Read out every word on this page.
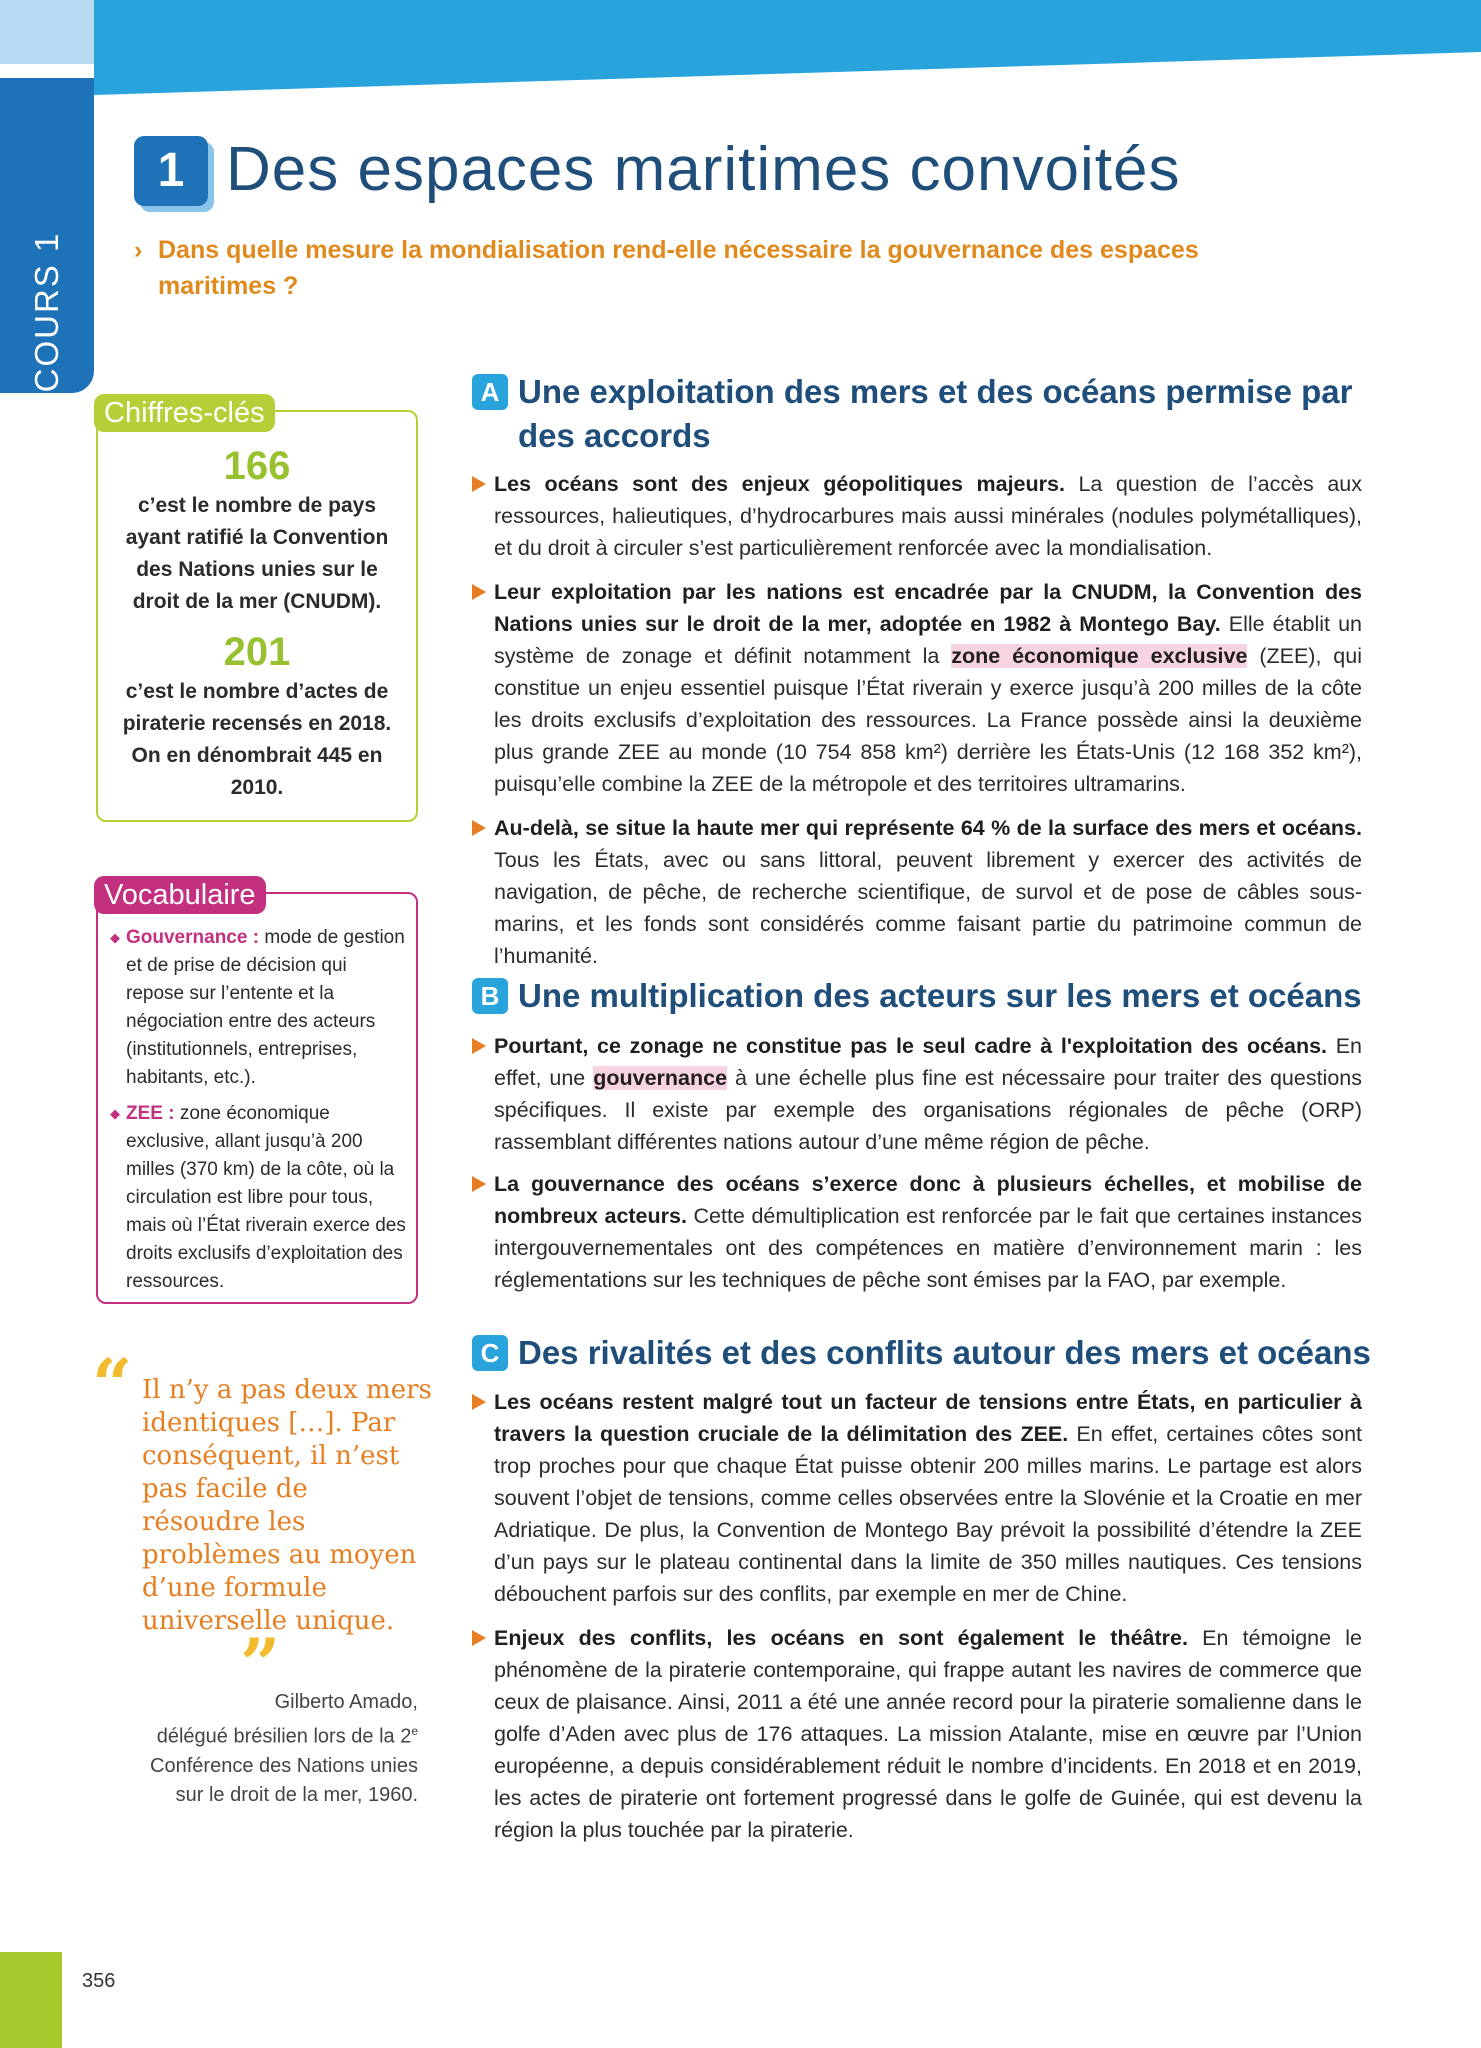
COURS 1
1 Des espaces maritimes convoités
› Dans quelle mesure la mondialisation rend-elle nécessaire la gouvernance des espaces maritimes ?
Chiffres-clés
166
c’est le nombre de pays ayant ratifié la Convention des Nations unies sur le droit de la mer (CNUDM).
201
c’est le nombre d’actes de piraterie recensés en 2018. On en dénombrait 445 en 2010.
Vocabulaire
◆ Gouvernance : mode de gestion et de prise de décision qui repose sur l’entente et la négociation entre des acteurs (institutionnels, entreprises, habitants, etc.).
◆ ZEE : zone économique exclusive, allant jusqu’à 200 milles (370 km) de la côte, où la circulation est libre pour tous, mais où l’État riverain exerce des droits exclusifs d’exploitation des ressources.
“ Il n’y a pas deux mers identiques […]. Par conséquent, il n’est pas facile de résoudre les problèmes au moyen d’une formule universelle unique.
”
Gilberto Amado,
délégué brésilien lors de la 2e Conférence des Nations unies sur le droit de la mer, 1960.
A Une exploitation des mers et des océans permise par des accords

Les océans sont des enjeux géopolitiques majeurs. La question de l’accès aux ressources, halieutiques, d’hydrocarbures mais aussi minérales (nodules polymétalliques), et du droit à circuler s’est particulièrement renforcée avec la mondialisation.

Leur exploitation par les nations est encadrée par la CNUDM, la Convention des Nations unies sur le droit de la mer, adoptée en 1982 à Montego Bay. Elle établit un système de zonage et définit notamment la zone économique exclusive (ZEE), qui constitue un enjeu essentiel puisque l’État riverain y exerce jusqu’à 200 milles de la côte les droits exclusifs d’exploitation des ressources. La France possède ainsi la deuxième plus grande ZEE au monde (10 754 858 km²) derrière les États-Unis (12 168 352 km²), puisqu’elle combine la ZEE de la métropole et des territoires ultramarins.

Au-delà, se situe la haute mer qui représente 64 % de la surface des mers et océans. Tous les États, avec ou sans littoral, peuvent librement y exercer des activités de navigation, de pêche, de recherche scientifique, de survol et de pose de câbles sous-marins, et les fonds sont considérés comme faisant partie du patrimoine commun de l’humanité.

B Une multiplication des acteurs sur les mers et océans

Pourtant, ce zonage ne constitue pas le seul cadre à l'exploitation des océans. En effet, une gouvernance à une échelle plus fine est nécessaire pour traiter des questions spécifiques. Il existe par exemple des organisations régionales de pêche (ORP) rassemblant différentes nations autour d’une même région de pêche.

La gouvernance des océans s’exerce donc à plusieurs échelles, et mobilise de nombreux acteurs. Cette démultiplication est renforcée par le fait que certaines instances intergouvernementales ont des compétences en matière d’environnement marin : les réglementations sur les techniques de pêche sont émises par la FAO, par exemple.

C Des rivalités et des conflits autour des mers et océans

Les océans restent malgré tout un facteur de tensions entre États, en particulier à travers la question cruciale de la délimitation des ZEE. En effet, certaines côtes sont trop proches pour que chaque État puisse obtenir 200 milles marins. Le partage est alors souvent l’objet de tensions, comme celles observées entre la Slovénie et la Croatie en mer Adriatique. De plus, la Convention de Montego Bay prévoit la possibilité d’étendre la ZEE d’un pays sur le plateau continental dans la limite de 350 milles nautiques. Ces tensions débouchent parfois sur des conflits, par exemple en mer de Chine.

Enjeux des conflits, les océans en sont également le théâtre. En témoigne le phénomène de la piraterie contemporaine, qui frappe autant les navires de commerce que ceux de plaisance. Ainsi, 2011 a été une année record pour la piraterie somalienne dans le golfe d’Aden avec plus de 176 attaques. La mission Atalante, mise en œuvre par l’Union européenne, a depuis considérablement réduit le nombre d’incidents. En 2018 et en 2019, les actes de piraterie ont fortement progressé dans le golfe de Guinée, qui est devenu la région la plus touchée par la piraterie.

356
